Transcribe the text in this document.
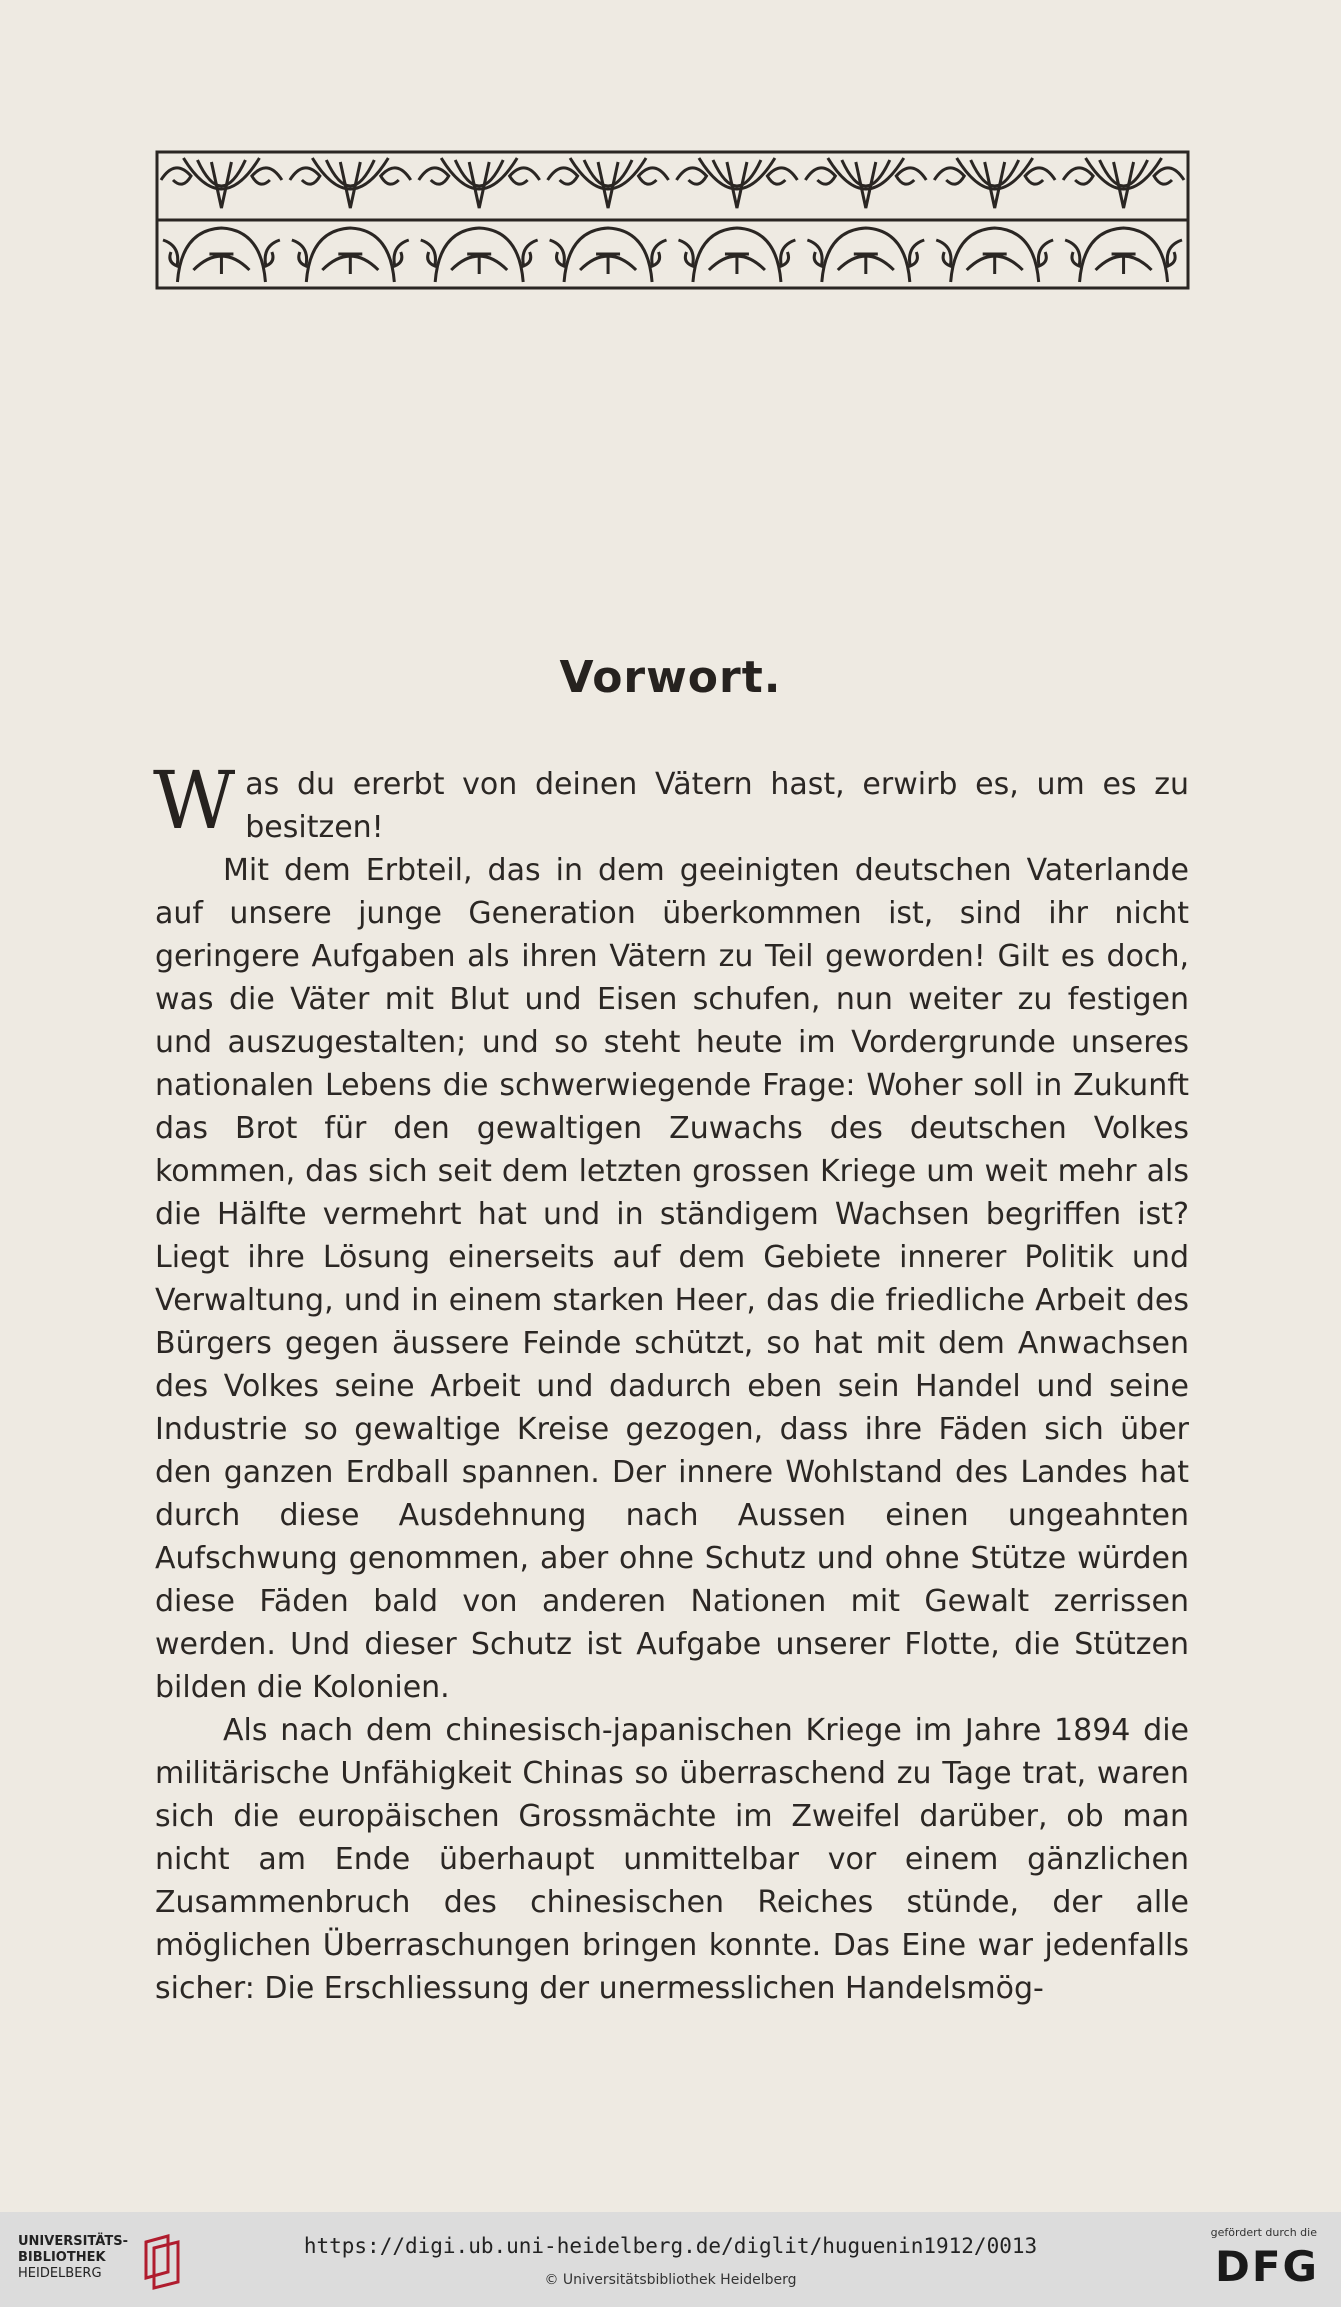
Vorwort.

Was du ererbt von deinen Vätern hast, erwirb es, um es zu besitzen!

Mit dem Erbteil, das in dem geeinigten deutschen Vaterlande auf unsere junge Generation überkommen ist, sind ihr nicht geringere Aufgaben als ihren Vätern zu Teil geworden! Gilt es doch, was die Väter mit Blut und Eisen schufen, nun weiter zu festigen und auszugestalten; und so steht heute im Vordergrunde unseres nationalen Lebens die schwerwiegende Frage: Woher soll in Zukunft das Brot für den gewaltigen Zuwachs des deutschen Volkes kommen, das sich seit dem letzten grossen Kriege um weit mehr als die Hälfte vermehrt hat und in ständigem Wachsen begriffen ist? Liegt ihre Lösung einerseits auf dem Gebiete innerer Politik und Verwaltung, und in einem starken Heer, das die friedliche Arbeit des Bürgers gegen äussere Feinde schützt, so hat mit dem Anwachsen des Volkes seine Arbeit und dadurch eben sein Handel und seine Industrie so gewaltige Kreise gezogen, dass ihre Fäden sich über den ganzen Erdball spannen. Der innere Wohlstand des Landes hat durch diese Ausdehnung nach Aussen einen ungeahnten Aufschwung genommen, aber ohne Schutz und ohne Stütze würden diese Fäden bald von anderen Nationen mit Gewalt zerrissen werden. Und dieser Schutz ist Aufgabe unserer Flotte, die Stützen bilden die Kolonien.

Als nach dem chinesisch-japanischen Kriege im Jahre 1894 die militärische Unfähigkeit Chinas so überraschend zu Tage trat, waren sich die europäischen Grossmächte im Zweifel darüber, ob man nicht am Ende überhaupt unmittelbar vor einem gänzlichen Zusammenbruch des chinesischen Reiches stünde, der alle möglichen Überraschungen bringen konnte. Das Eine war jedenfalls sicher: Die Erschliessung der unermesslichen Handelsmög-

UNIVERSITÄTS-
BIBLIOTHEK
HEIDELBERG
https://digi.ub.uni-heidelberg.de/diglit/huguenin1912/0013
© Universitätsbibliothek Heidelberg
gefördert durch die
DFG
